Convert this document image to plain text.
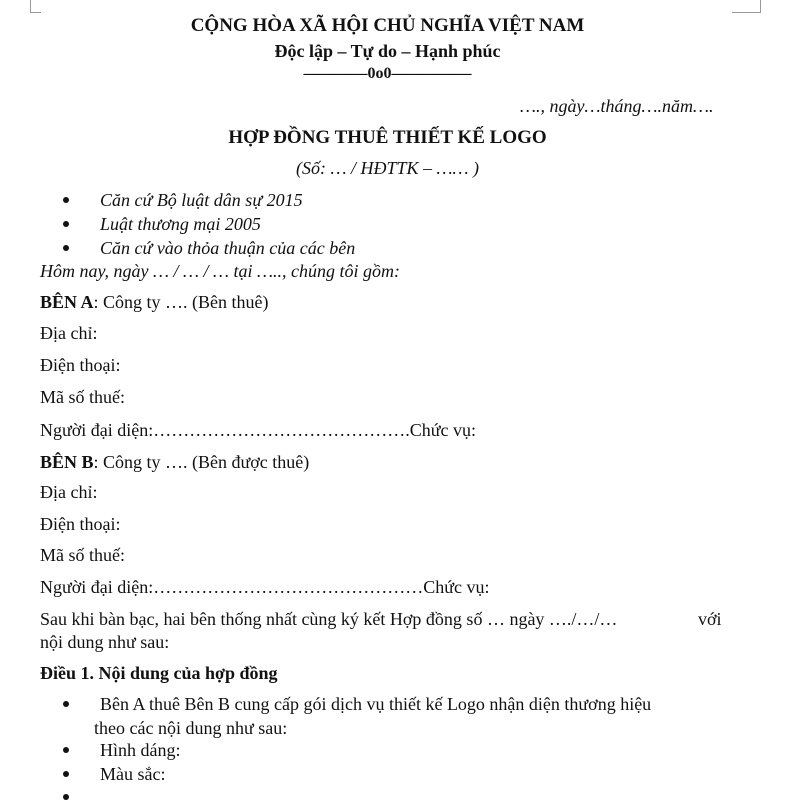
CỘNG HÒA XÃ HỘI CHỦ NGHĨA VIỆT NAM
Độc lập – Tự do – Hạnh phúc
――――0o0―――――
…., ngày…tháng….năm….
HỢP ĐỒNG THUÊ THIẾT KẾ LOGO
(Số: … / HĐTTK – …… )
Căn cứ Bộ luật dân sự 2015
Luật thương mại 2005
Căn cứ vào thỏa thuận của các bên
Hôm nay, ngày … / … / … tại ….., chúng tôi gồm:
BÊN A: Công ty …. (Bên thuê)
Địa chỉ:
Điện thoại:
Mã số thuế:
Người đại diện:…………………………………….Chức vụ:
BÊN B: Công ty …. (Bên được thuê)
Địa chỉ:
Điện thoại:
Mã số thuế:
Người đại diện:………………………………………Chức vụ:
Sau khi bàn bạc, hai bên thống nhất cùng ký kết Hợp đồng số … ngày …./…/…	với
nội dung như sau:
Điều 1. Nội dung của hợp đồng
Bên A thuê Bên B cung cấp gói dịch vụ thiết kế Logo nhận diện thương hiệu
theo các nội dung như sau:
Hình dáng:
Màu sắc:
